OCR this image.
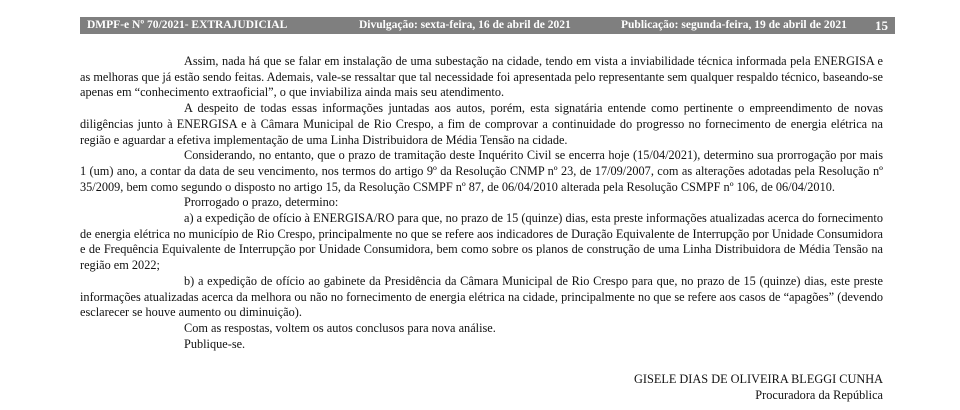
DMPF-e Nº 70/2021- EXTRAJUDICIAL	Divulgação: sexta-feira, 16 de abril de 2021	Publicação: segunda-feira, 19 de abril de 2021 15

Assim, nada há que se falar em instalação de uma subestação na cidade, tendo em vista a inviabilidade técnica informada pela ENERGISA e as melhoras que já estão sendo feitas. Ademais, vale-se ressaltar que tal necessidade foi apresentada pelo representante sem qualquer respaldo técnico, baseando-se apenas em “conhecimento extraoficial”, o que inviabiliza ainda mais seu atendimento.

A despeito de todas essas informações juntadas aos autos, porém, esta signatária entende como pertinente o empreendimento de novas diligências junto à ENERGISA e à Câmara Municipal de Rio Crespo, a fim de comprovar a continuidade do progresso no fornecimento de energia elétrica na região e aguardar a efetiva implementação de uma Linha Distribuidora de Média Tensão na cidade.

Considerando, no entanto, que o prazo de tramitação deste Inquérito Civil se encerra hoje (15/04/2021), determino sua prorrogação por mais 1 (um) ano, a contar da data de seu vencimento, nos termos do artigo 9º da Resolução CNMP nº 23, de 17/09/2007, com as alterações adotadas pela Resolução nº 35/2009, bem como segundo o disposto no artigo 15, da Resolução CSMPF nº 87, de 06/04/2010 alterada pela Resolução CSMPF nº 106, de 06/04/2010.

Prorrogado o prazo, determino:

a) a expedição de ofício à ENERGISA/RO para que, no prazo de 15 (quinze) dias, esta preste informações atualizadas acerca do fornecimento de energia elétrica no município de Rio Crespo, principalmente no que se refere aos indicadores de Duração Equivalente de Interrupção por Unidade Consumidora e de Frequência Equivalente de Interrupção por Unidade Consumidora, bem como sobre os planos de construção de uma Linha Distribuidora de Média Tensão na região em 2022;

b) a expedição de ofício ao gabinete da Presidência da Câmara Municipal de Rio Crespo para que, no prazo de 15 (quinze) dias, este preste informações atualizadas acerca da melhora ou não no fornecimento de energia elétrica na cidade, principalmente no que se refere aos casos de “apagões” (devendo esclarecer se houve aumento ou diminuição).

Com as respostas, voltem os autos conclusos para nova análise.

Publique-se.

GISELE DIAS DE OLIVEIRA BLEGGI CUNHA
Procuradora da República
